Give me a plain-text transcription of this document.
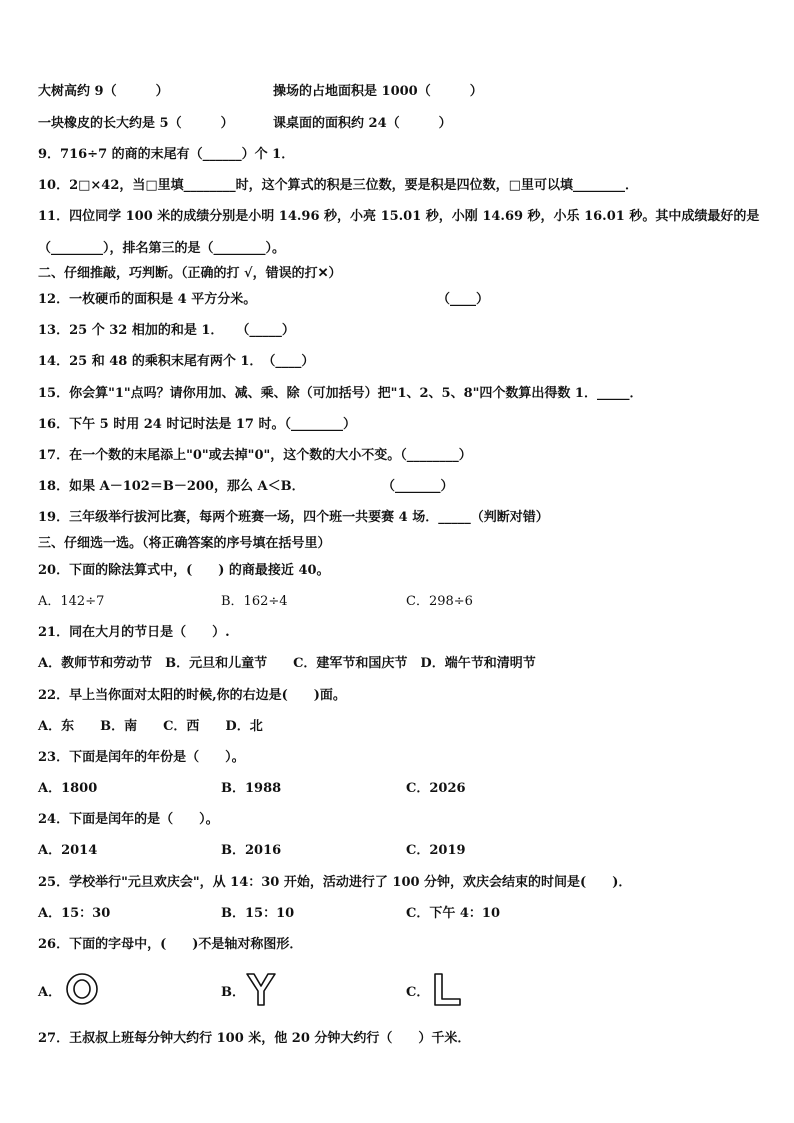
大树高约 9（　　　）	操场的占地面积是 1000（　　　）
一块橡皮的长大约是 5（　　　）	课桌面的面积约 24（　　　）
9．716÷7 的商的末尾有（______）个 1．
10．2□×42，当□里填________时，这个算式的积是三位数，要是积是四位数，□里可以填________．
11．四位同学 100 米的成绩分别是小明 14.96 秒，小亮 15.01 秒，小刚 14.69 秒，小乐 16.01 秒。其中成绩最好的是
（________），排名第三的是（________）。
二、仔细推敲，巧判断。（正确的打 √，错误的打✕）
12．一枚硬币的面积是 4 平方分米。	（____）
13．25 个 32 相加的和是 1．　　（_____）
14．25 和 48 的乘积末尾有两个 1．　（____）
15．你会算"1"点吗？请你用加、减、乘、除（可加括号）把"1、2、5、8"四个数算出得数 1．_____．
16．下午 5 时用 24 时记时法是 17 时。（________）
17．在一个数的末尾添上"0"或去掉"0"，这个数的大小不变。（________）
18．如果 A－102＝B－200，那么 A＜B．	（_______）
19．三年级举行拔河比赛，每两个班赛一场，四个班一共要赛 4 场．_____（判断对错）
三、仔细选一选。（将正确答案的序号填在括号里）
20．下面的除法算式中，(　　) 的商最接近 40。
A．142÷7	B．162÷4	C．298÷6
21．同在大月的节日是（　　）.
A．教师节和劳动节　B．元旦和儿童节　　C．建军节和国庆节　D．端午节和清明节
22．早上当你面对太阳的时候,你的右边是(　　)面。
A．东　　B．南　　C．西　　D．北
23．下面是闰年的年份是（　　）。
A．1800	B．1988	C．2026
24．下面是闰年的是（　　）。
A．2014	B．2016	C．2019
25．学校举行"元旦欢庆会"，从 14：30 开始，活动进行了 100 分钟，欢庆会结束的时间是(　　)．
A．15：30	B．15：10	C．下午 4：10
26．下面的字母中，(　　)不是轴对称图形．
A．	B．	C．
27．王叔叔上班每分钟大约行 100 米，他 20 分钟大约行（　　）千米．
